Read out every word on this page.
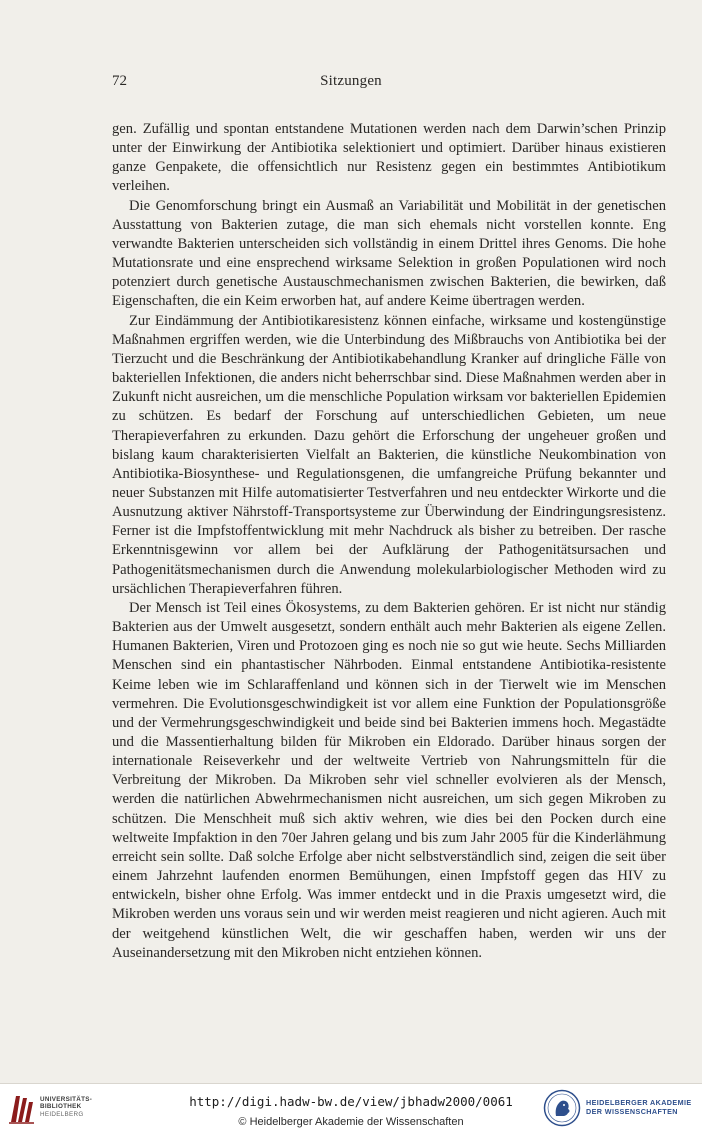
72	Sitzungen

gen. Zufällig und spontan entstandene Mutationen werden nach dem Darwin’schen Prinzip unter der Einwirkung der Antibiotika selektioniert und optimiert. Darüber hinaus existieren ganze Genpakete, die offensichtlich nur Resistenz gegen ein bestimmtes Antibiotikum verleihen.

Die Genomforschung bringt ein Ausmaß an Variabilität und Mobilität in der genetischen Ausstattung von Bakterien zutage, die man sich ehemals nicht vorstellen konnte. Eng verwandte Bakterien unterscheiden sich vollständig in einem Drittel ihres Genoms. Die hohe Mutationsrate und eine ensprechend wirksame Selektion in großen Populationen wird noch potenziert durch genetische Austauschmechanismen zwischen Bakterien, die bewirken, daß Eigenschaften, die ein Keim erworben hat, auf andere Keime übertragen werden.

Zur Eindämmung der Antibiotikaresistenz können einfache, wirksame und kostengünstige Maßnahmen ergriffen werden, wie die Unterbindung des Mißbrauchs von Antibiotika bei der Tierzucht und die Beschränkung der Antibiotikabehandlung Kranker auf dringliche Fälle von bakteriellen Infektionen, die anders nicht beherrschbar sind. Diese Maßnahmen werden aber in Zukunft nicht ausreichen, um die menschliche Population wirksam vor bakteriellen Epidemien zu schützen. Es bedarf der Forschung auf unterschiedlichen Gebieten, um neue Therapieverfahren zu erkunden. Dazu gehört die Erforschung der ungeheuer großen und bislang kaum charakterisierten Vielfalt an Bakterien, die künstliche Neukombination von Antibiotika-Biosynthese- und Regulationsgenen, die umfangreiche Prüfung bekannter und neuer Substanzen mit Hilfe automatisierter Testverfahren und neu entdeckter Wirkorte und die Ausnutzung aktiver Nährstoff-Transportsysteme zur Überwindung der Eindringungsresistenz. Ferner ist die Impfstoffentwicklung mit mehr Nachdruck als bisher zu betreiben. Der rasche Erkenntnisgewinn vor allem bei der Aufklärung der Pathogenitätsursachen und Pathogenitätsmechanismen durch die Anwendung molekularbiologischer Methoden wird zu ursächlichen Therapieverfahren führen.

Der Mensch ist Teil eines Ökosystems, zu dem Bakterien gehören. Er ist nicht nur ständig Bakterien aus der Umwelt ausgesetzt, sondern enthält auch mehr Bakterien als eigene Zellen. Humanen Bakterien, Viren und Protozoen ging es noch nie so gut wie heute. Sechs Milliarden Menschen sind ein phantastischer Nährboden. Einmal entstandene Antibiotika-resistente Keime leben wie im Schlaraffenland und können sich in der Tierwelt wie im Menschen vermehren. Die Evolutionsgeschwindigkeit ist vor allem eine Funktion der Populationsgröße und der Vermehrungsgeschwindigkeit und beide sind bei Bakterien immens hoch. Megastädte und die Massentierhaltung bilden für Mikroben ein Eldorado. Darüber hinaus sorgen der internationale Reiseverkehr und der weltweite Vertrieb von Nahrungsmitteln für die Verbreitung der Mikroben. Da Mikroben sehr viel schneller evolvieren als der Mensch, werden die natürlichen Abwehrmechanismen nicht ausreichen, um sich gegen Mikroben zu schützen. Die Menschheit muß sich aktiv wehren, wie dies bei den Pocken durch eine weltweite Impfaktion in den 70er Jahren gelang und bis zum Jahr 2005 für die Kinderlähmung erreicht sein sollte. Daß solche Erfolge aber nicht selbstverständlich sind, zeigen die seit über einem Jahrzehnt laufenden enormen Bemühungen, einen Impfstoff gegen das HIV zu entwickeln, bisher ohne Erfolg. Was immer entdeckt und in die Praxis umgesetzt wird, die Mikroben werden uns voraus sein und wir werden meist reagieren und nicht agieren. Auch mit der weitgehend künstlichen Welt, die wir geschaffen haben, werden wir uns der Auseinandersetzung mit den Mikroben nicht entziehen können.

UNIVERSITÄTS-
BIBLIOTHEK
HEIDELBERG
http://digi.hadw-bw.de/view/jbhadw2000/0061
© Heidelberger Akademie der Wissenschaften
HEIDELBERGER AKADEMIE
DER WISSENSCHAFTEN
